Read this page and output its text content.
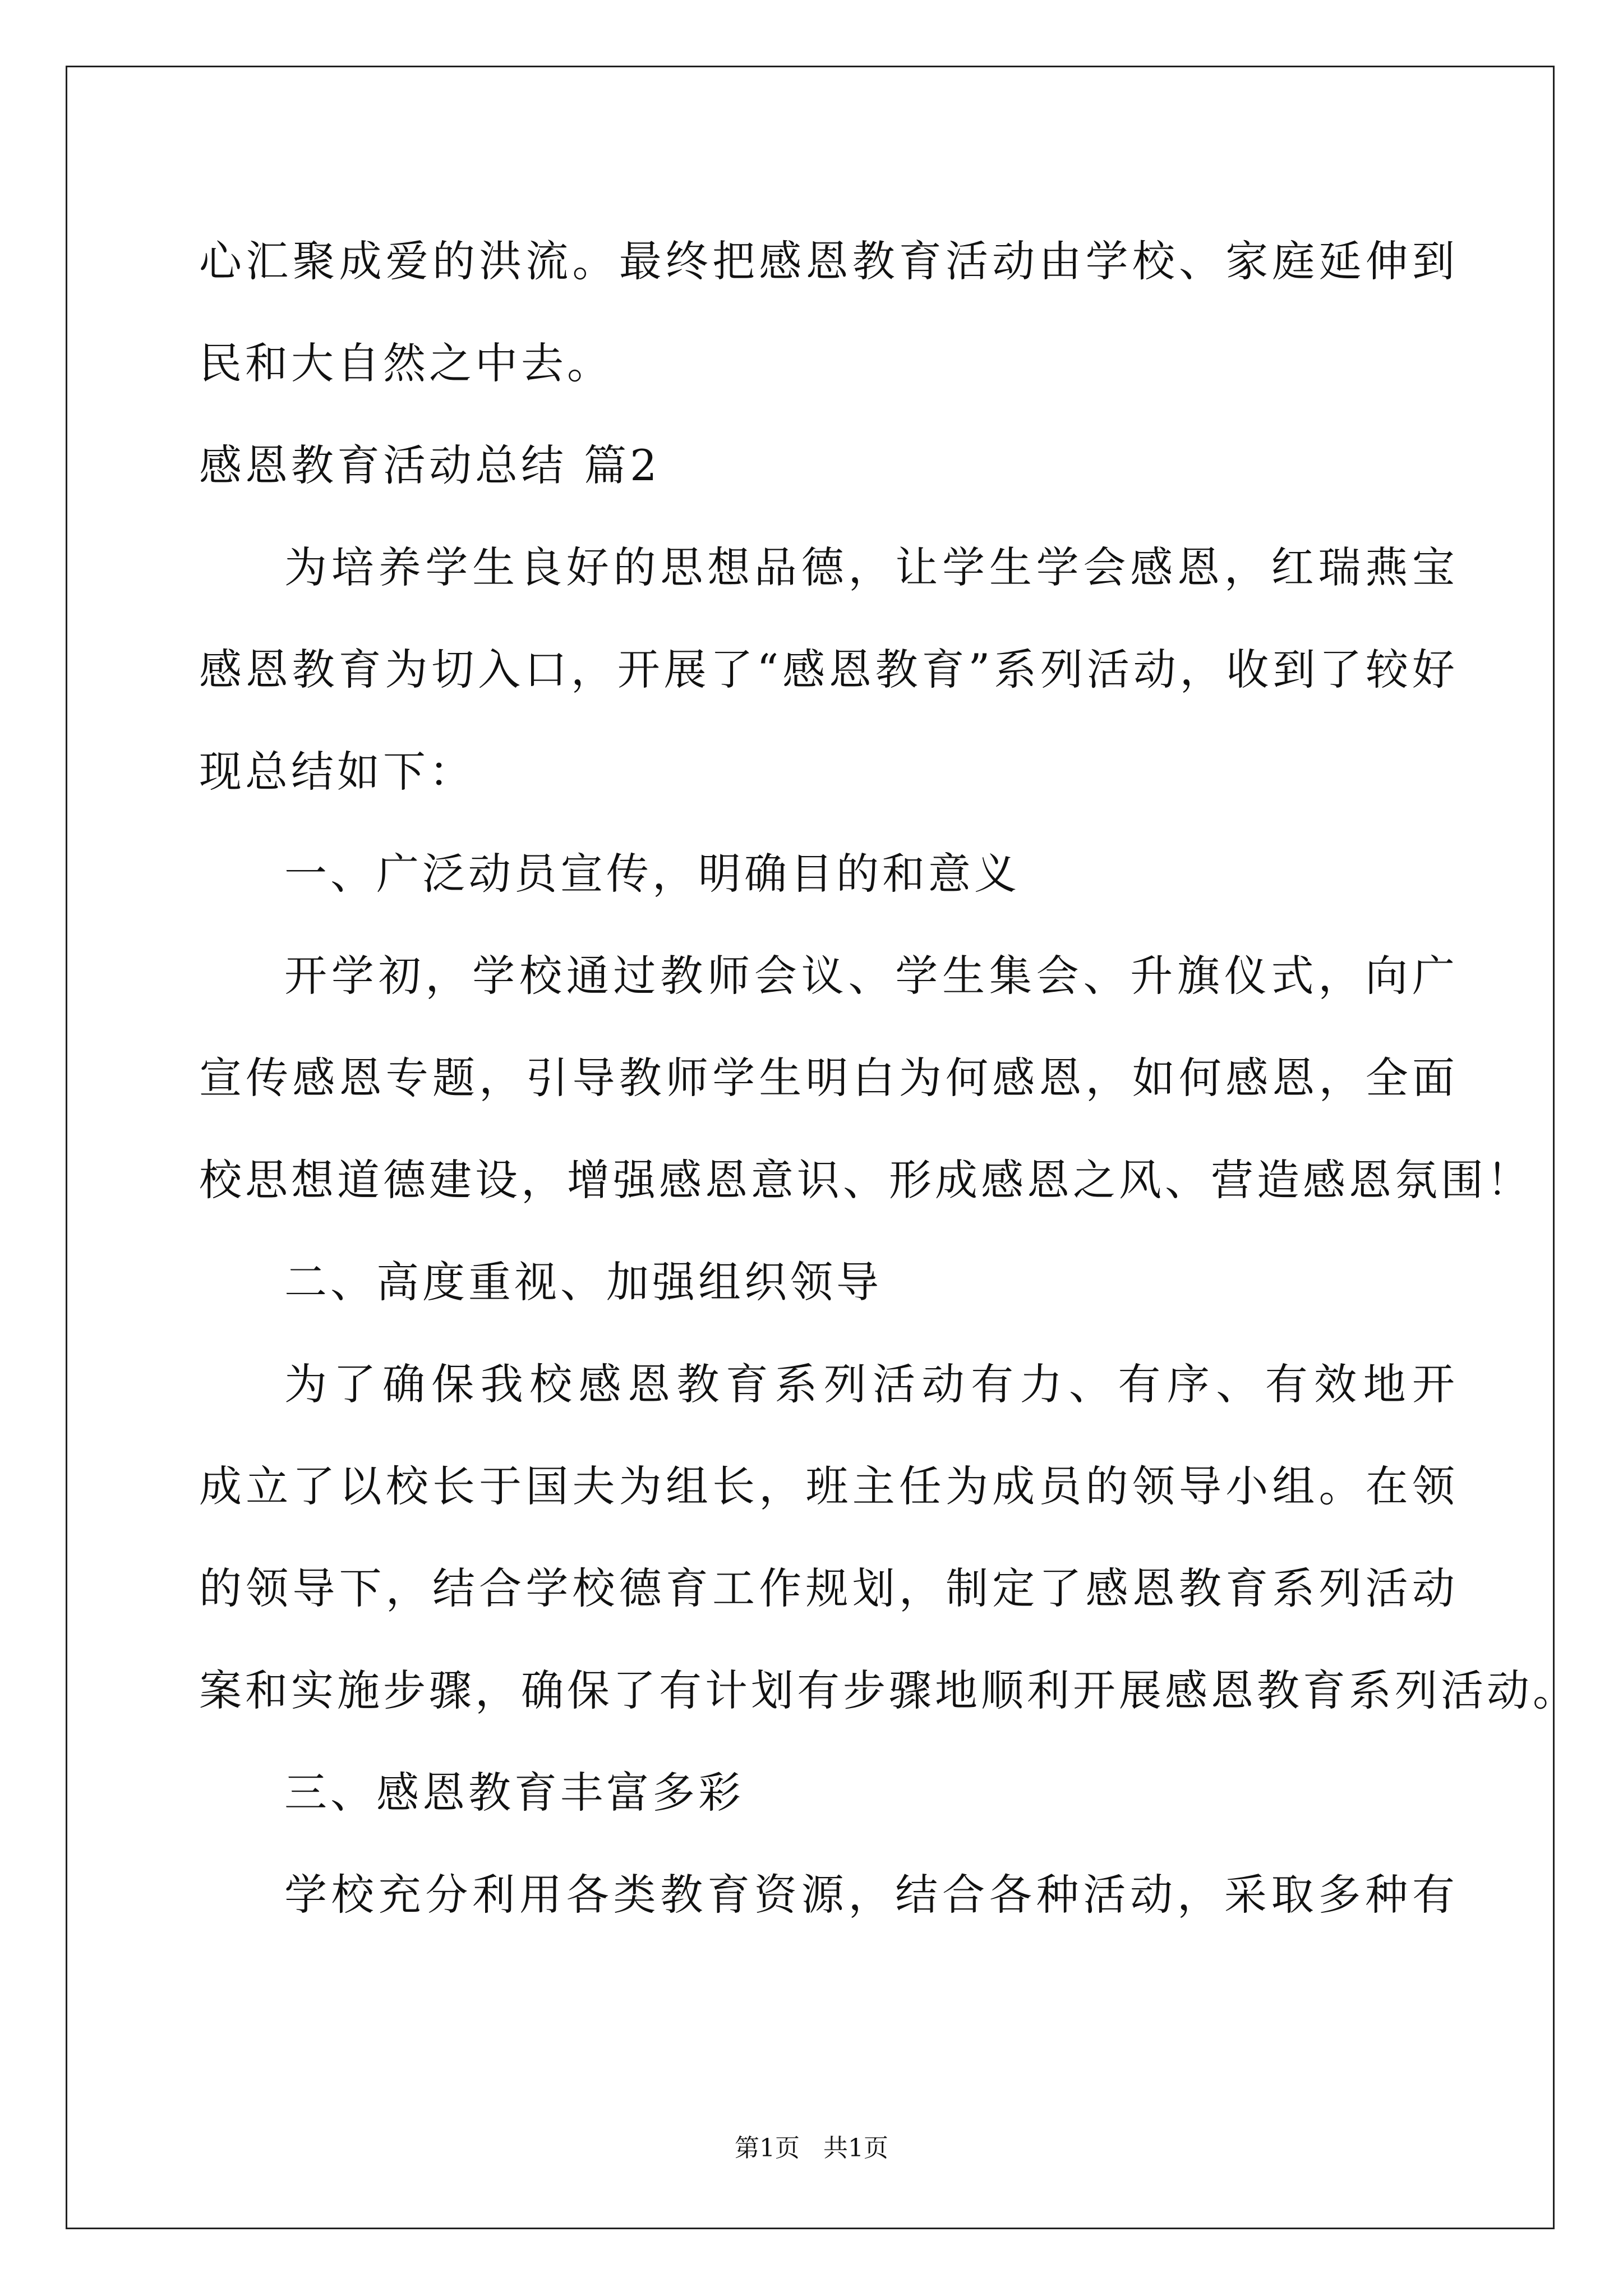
心汇聚成爱的洪流。最终把感恩教育活动由学校、家庭延伸到
民和大自然之中去。
感恩教育活动总结 篇2
为培养学生良好的思想品德，让学生学会感恩，红瑞燕宝
感恩教育为切入口，开展了“感恩教育”系列活动，收到了较好
现总结如下：
一、广泛动员宣传，明确目的和意义
开学初，学校通过教师会议、学生集会、升旗仪式，向广
宣传感恩专题，引导教师学生明白为何感恩，如何感恩，全面
校思想道德建设，增强感恩意识、形成感恩之风、营造感恩氛围！
二、高度重视、加强组织领导
为了确保我校感恩教育系列活动有力、有序、有效地开
成立了以校长于国夫为组长，班主任为成员的领导小组。在领
的领导下，结合学校德育工作规划，制定了感恩教育系列活动
案和实施步骤，确保了有计划有步骤地顺利开展感恩教育系列活动。
三、感恩教育丰富多彩
学校充分利用各类教育资源，结合各种活动，采取多种有
第1页 共1页
